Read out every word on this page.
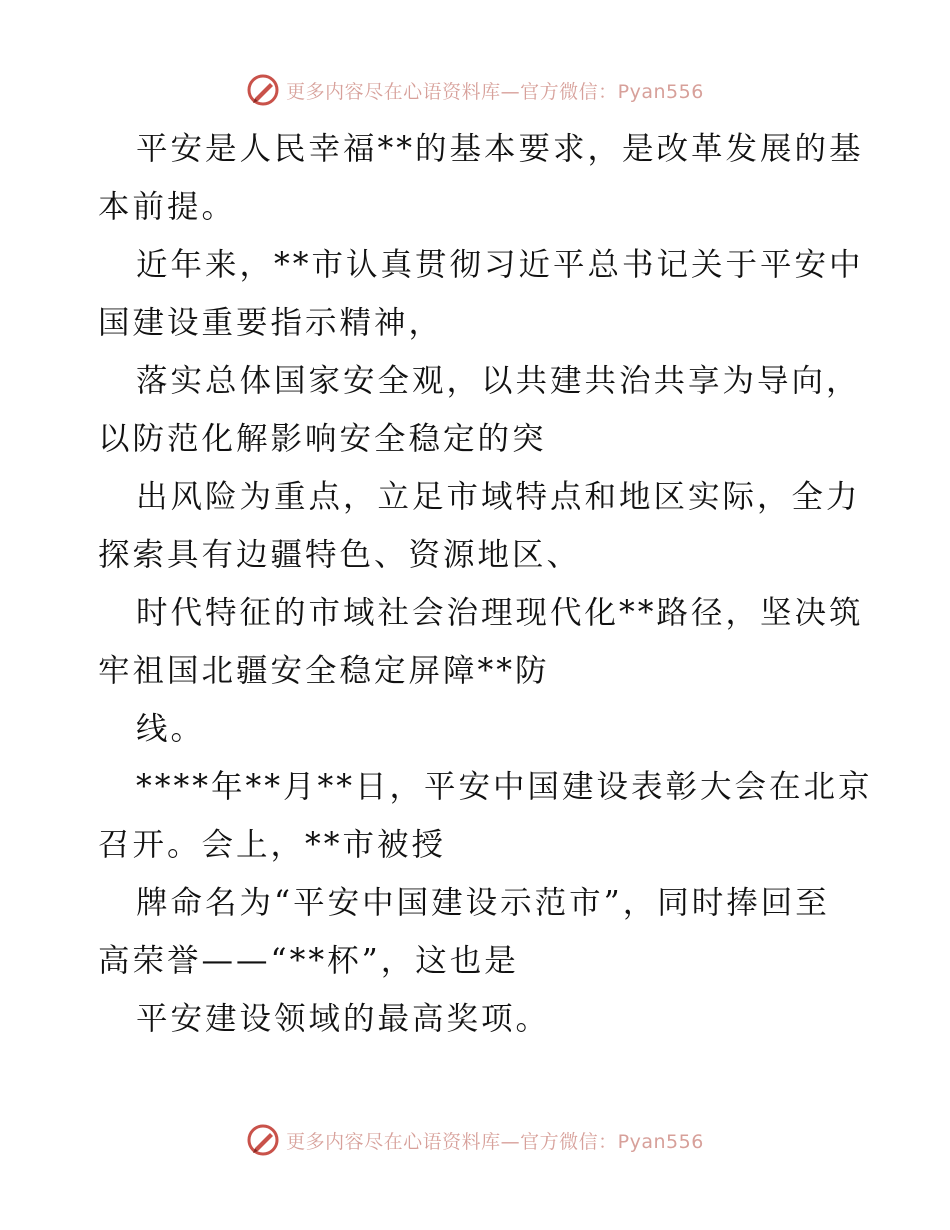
更多内容尽在心语资料库—官方微信：Pyan556

平安是人民幸福**的基本要求，是改革发展的基
本前提。

近年来，**市认真贯彻习近平总书记关于平安中
国建设重要指示精神，

落实总体国家安全观，以共建共治共享为导向，
以防范化解影响安全稳定的突

出风险为重点，立足市域特点和地区实际，全力
探索具有边疆特色、资源地区、

时代特征的市域社会治理现代化**路径，坚决筑
牢祖国北疆安全稳定屏障**防

线。

****年**月**日，平安中国建设表彰大会在北京
召开。会上，**市被授

牌命名为“平安中国建设示范市”，同时捧回至
高荣誉——“**杯”，这也是

平安建设领域的最高奖项。

更多内容尽在心语资料库—官方微信：Pyan556
